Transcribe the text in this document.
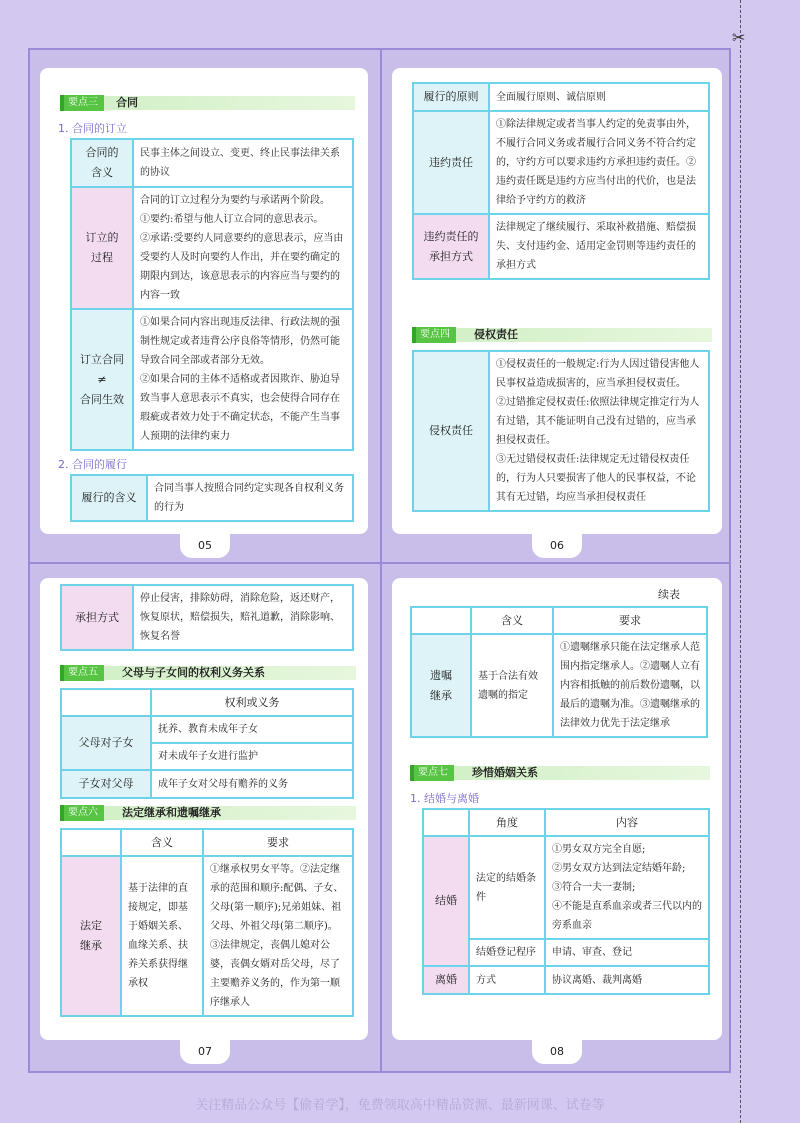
✂
要点三	合同
1. 合同的订立
合同的
含义	民事主体之间设立、变更、终止民事法律关系的协议
订立的
过程	合同的订立过程分为要约与承诺两个阶段。
①要约:希望与他人订立合同的意思表示。
②承诺:受要约人同意要约的意思表示，应当由受要约人及时向要约人作出，并在要约确定的期限内到达，该意思表示的内容应当与要约的内容一致
订立合同
≠
合同生效	①如果合同内容出现违反法律、行政法规的强制性规定或者违背公序良俗等情形，仍然可能导致合同全部或者部分无效。
②如果合同的主体不适格或者因欺诈、胁迫导致当事人意思表示不真实，也会使得合同存在瑕疵或者效力处于不确定状态，不能产生当事人预期的法律约束力
2. 合同的履行
履行的含义	合同当事人按照合同约定实现各自权利义务的行为
05
履行的原则	全面履行原则、诚信原则
违约责任	①除法律规定或者当事人约定的免责事由外，不履行合同义务或者履行合同义务不符合约定的，守约方可以要求违约方承担违约责任。②违约责任既是违约方应当付出的代价，也是法律给予守约方的救济
违约责任的
承担方式	法律规定了继续履行、采取补救措施、赔偿损失、支付违约金、适用定金罚则等违约责任的承担方式
要点四	侵权责任
侵权责任	①侵权责任的一般规定:行为人因过错侵害他人民事权益造成损害的，应当承担侵权责任。
②过错推定侵权责任:依照法律规定推定行为人有过错，其不能证明自己没有过错的，应当承担侵权责任。
③无过错侵权责任:法律规定无过错侵权责任的，行为人只要损害了他人的民事权益，不论其有无过错，均应当承担侵权责任
06
承担方式	停止侵害，排除妨碍，消除危险，返还财产，恢复原状，赔偿损失，赔礼道歉，消除影响、恢复名誉
要点五	父母与子女间的权利义务关系
	权利或义务
父母对子女	抚养、教育未成年子女
	对未成年子女进行监护
子女对父母	成年子女对父母有赡养的义务
要点六	法定继承和遗嘱继承
	含义	要求
法定
继承	基于法律的直接规定，即基于婚姻关系、血缘关系、扶养关系获得继承权	①继承权男女平等。②法定继承的范围和顺序:配偶、子女、父母(第一顺序);兄弟姐妹、祖父母、外祖父母(第二顺序)。③法律规定，丧偶儿媳对公婆，丧偶女婿对岳父母，尽了主要赡养义务的，作为第一顺序继承人
07
续表
	含义	要求
遗嘱
继承	基于合法有效遗嘱的指定	①遗嘱继承只能在法定继承人范围内指定继承人。②遗嘱人立有内容相抵触的前后数份遗嘱，以最后的遗嘱为准。③遗嘱继承的法律效力优先于法定继承
要点七	珍惜婚姻关系
1. 结婚与离婚
	角度	内容
结婚	法定的结婚条件	①男女双方完全自愿;
②男女双方达到法定结婚年龄;
③符合一夫一妻制;
④不能是直系血亲或者三代以内的旁系血亲
	结婚登记程序	申请、审查、登记
离婚	方式	协议离婚、裁判离婚
08
关注精品公众号【偷着学】，免费领取高中精品资源、最新网课、试卷等
